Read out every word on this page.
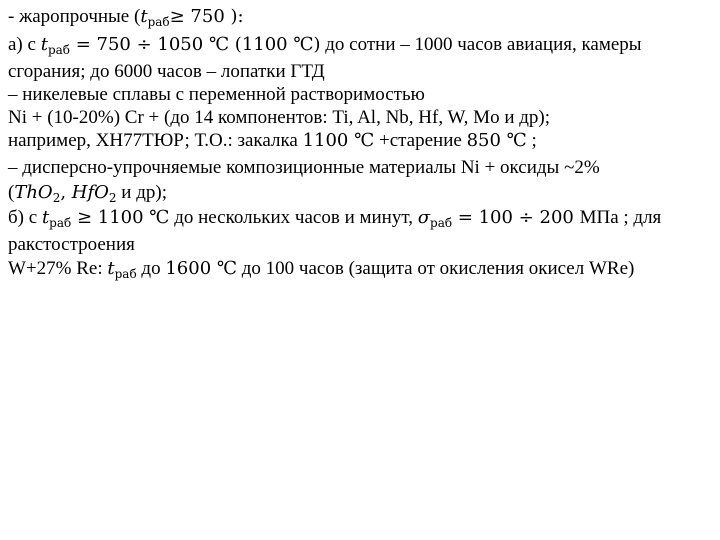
- жаропрочные ($t_{раб}\ge 750$ ):
а) с $t_{раб} = 750 \div 1050$ ℃ (1100 ℃) до сотни – 1000 часов авиация, камеры
сгорания; до 6000 часов – лопатки ГТД
– никелевые сплавы с переменной растворимостью
Ni + (10-20%) Cr + (до 14 компонентов: Ti, Al, Nb, Hf, W, Mo и др);
например, ХН77ТЮР; Т.О.: закалка 1100 ℃ +старение 850 ℃ ;
– дисперсно-упрочняемые композиционные материалы Ni + оксиды ~2%
(ThO$_2$, HfO$_2$ и др);
б) с $t_{раб} \ge 1100$ ℃ до нескольких часов и минут, $\sigma_{раб} = 100 \div 200$ МПа ; для
ракстостроения
W+27% Re: $t_{раб}$ до 1600 ℃ до 100 часов (защита от окисления окисел WRe)
